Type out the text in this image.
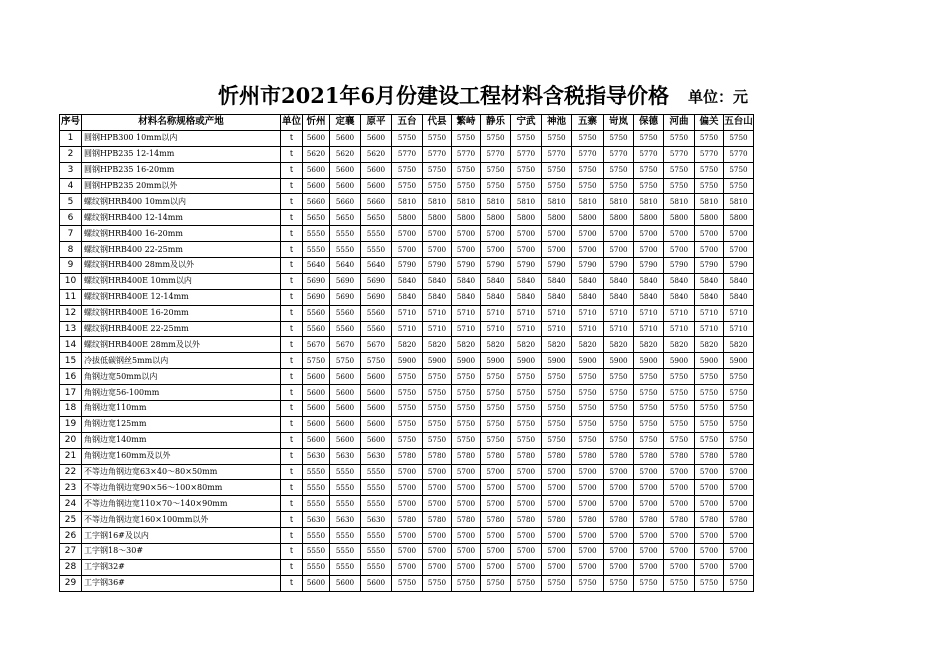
忻州市2021年6月份建设工程材料含税指导价格 单位：元
序号	材料名称规格或产地	单位	忻州	定襄	原平	五台	代县	繁峙	静乐	宁武	神池	五寨	岢岚	保德	河曲	偏关	五台山
1	圆钢HPB300 10mm以内	t	5600	5600	5600	5750	5750	5750	5750	5750	5750	5750	5750	5750	5750	5750	5750
2	圆钢HPB235 12-14mm	t	5620	5620	5620	5770	5770	5770	5770	5770	5770	5770	5770	5770	5770	5770	5770
3	圆钢HPB235 16-20mm	t	5600	5600	5600	5750	5750	5750	5750	5750	5750	5750	5750	5750	5750	5750	5750
4	圆钢HPB235 20mm以外	t	5600	5600	5600	5750	5750	5750	5750	5750	5750	5750	5750	5750	5750	5750	5750
5	螺纹钢HRB400 10mm以内	t	5660	5660	5660	5810	5810	5810	5810	5810	5810	5810	5810	5810	5810	5810	5810
6	螺纹钢HRB400 12-14mm	t	5650	5650	5650	5800	5800	5800	5800	5800	5800	5800	5800	5800	5800	5800	5800
7	螺纹钢HRB400 16-20mm	t	5550	5550	5550	5700	5700	5700	5700	5700	5700	5700	5700	5700	5700	5700	5700
8	螺纹钢HRB400 22-25mm	t	5550	5550	5550	5700	5700	5700	5700	5700	5700	5700	5700	5700	5700	5700	5700
9	螺纹钢HRB400 28mm及以外	t	5640	5640	5640	5790	5790	5790	5790	5790	5790	5790	5790	5790	5790	5790	5790
10	螺纹钢HRB400E 10mm以内	t	5690	5690	5690	5840	5840	5840	5840	5840	5840	5840	5840	5840	5840	5840	5840
11	螺纹钢HRB400E 12-14mm	t	5690	5690	5690	5840	5840	5840	5840	5840	5840	5840	5840	5840	5840	5840	5840
12	螺纹钢HRB400E 16-20mm	t	5560	5560	5560	5710	5710	5710	5710	5710	5710	5710	5710	5710	5710	5710	5710
13	螺纹钢HRB400E 22-25mm	t	5560	5560	5560	5710	5710	5710	5710	5710	5710	5710	5710	5710	5710	5710	5710
14	螺纹钢HRB400E 28mm及以外	t	5670	5670	5670	5820	5820	5820	5820	5820	5820	5820	5820	5820	5820	5820	5820
15	冷拔低碳钢丝5mm以内	t	5750	5750	5750	5900	5900	5900	5900	5900	5900	5900	5900	5900	5900	5900	5900
16	角钢边宽50mm以内	t	5600	5600	5600	5750	5750	5750	5750	5750	5750	5750	5750	5750	5750	5750	5750
17	角钢边宽56-100mm	t	5600	5600	5600	5750	5750	5750	5750	5750	5750	5750	5750	5750	5750	5750	5750
18	角钢边宽110mm	t	5600	5600	5600	5750	5750	5750	5750	5750	5750	5750	5750	5750	5750	5750	5750
19	角钢边宽125mm	t	5600	5600	5600	5750	5750	5750	5750	5750	5750	5750	5750	5750	5750	5750	5750
20	角钢边宽140mm	t	5600	5600	5600	5750	5750	5750	5750	5750	5750	5750	5750	5750	5750	5750	5750
21	角钢边宽160mm及以外	t	5630	5630	5630	5780	5780	5780	5780	5780	5780	5780	5780	5780	5780	5780	5780
22	不等边角钢边宽63×40～80×50mm	t	5550	5550	5550	5700	5700	5700	5700	5700	5700	5700	5700	5700	5700	5700	5700
23	不等边角钢边宽90×56～100×80mm	t	5550	5550	5550	5700	5700	5700	5700	5700	5700	5700	5700	5700	5700	5700	5700
24	不等边角钢边宽110×70～140×90mm	t	5550	5550	5550	5700	5700	5700	5700	5700	5700	5700	5700	5700	5700	5700	5700
25	不等边角钢边宽160×100mm以外	t	5630	5630	5630	5780	5780	5780	5780	5780	5780	5780	5780	5780	5780	5780	5780
26	工字钢16#及以内	t	5550	5550	5550	5700	5700	5700	5700	5700	5700	5700	5700	5700	5700	5700	5700
27	工字钢18～30#	t	5550	5550	5550	5700	5700	5700	5700	5700	5700	5700	5700	5700	5700	5700	5700
28	工字钢32#	t	5550	5550	5550	5700	5700	5700	5700	5700	5700	5700	5700	5700	5700	5700	5700
29	工字钢36#	t	5600	5600	5600	5750	5750	5750	5750	5750	5750	5750	5750	5750	5750	5750	5750
